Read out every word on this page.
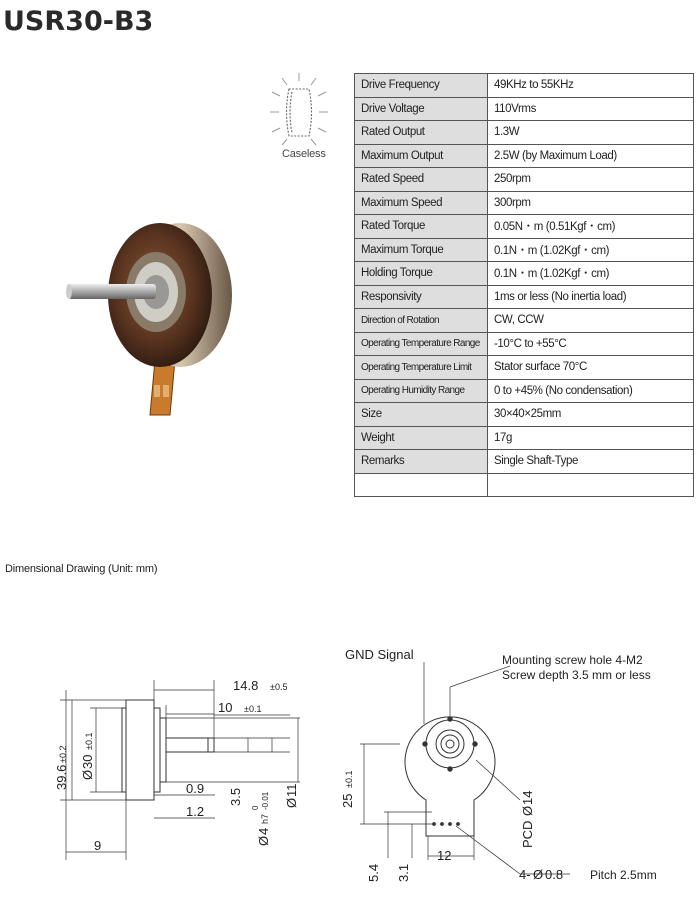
USR30-B3
Caseless
Drive Frequency	49KHz to 55KHz
Drive Voltage	110Vrms
Rated Output	1.3W
Maximum Output	2.5W (by Maximum Load)
Rated Speed	250rpm
Maximum Speed	300rpm
Rated Torque	0.05N・m (0.51Kgf・cm)
Maximum Torque	0.1N・m (1.02Kgf・cm)
Holding Torque	0.1N・m (1.02Kgf・cm)
Responsivity	1ms or less (No inertia load)
Direction of Rotation	CW, CCW
Operating Temperature Range	-10°C to +55°C
Operating Temperature Limit	Stator surface 70°C
Operating Humidity Range	0 to +45% (No condensation)
Size	30×40×25mm
Weight	17g
Remarks	Single Shaft-Type

Dimensional Drawing (Unit: mm)
14.8 ±0.5
10 ±0.1
0.9
1.2
9
39.6
±0.2
Ø
30
±0.1
3.5
Ø
4
h7
0 -0.01 Ø
11
GND Signal	Mounting screw hole 4-M2
Screw depth 3.5 mm or less
12
4- Ø 0.8 Pitch 2.5mm
25
±0.1
5.4 3.1
PCD
Ø
14
